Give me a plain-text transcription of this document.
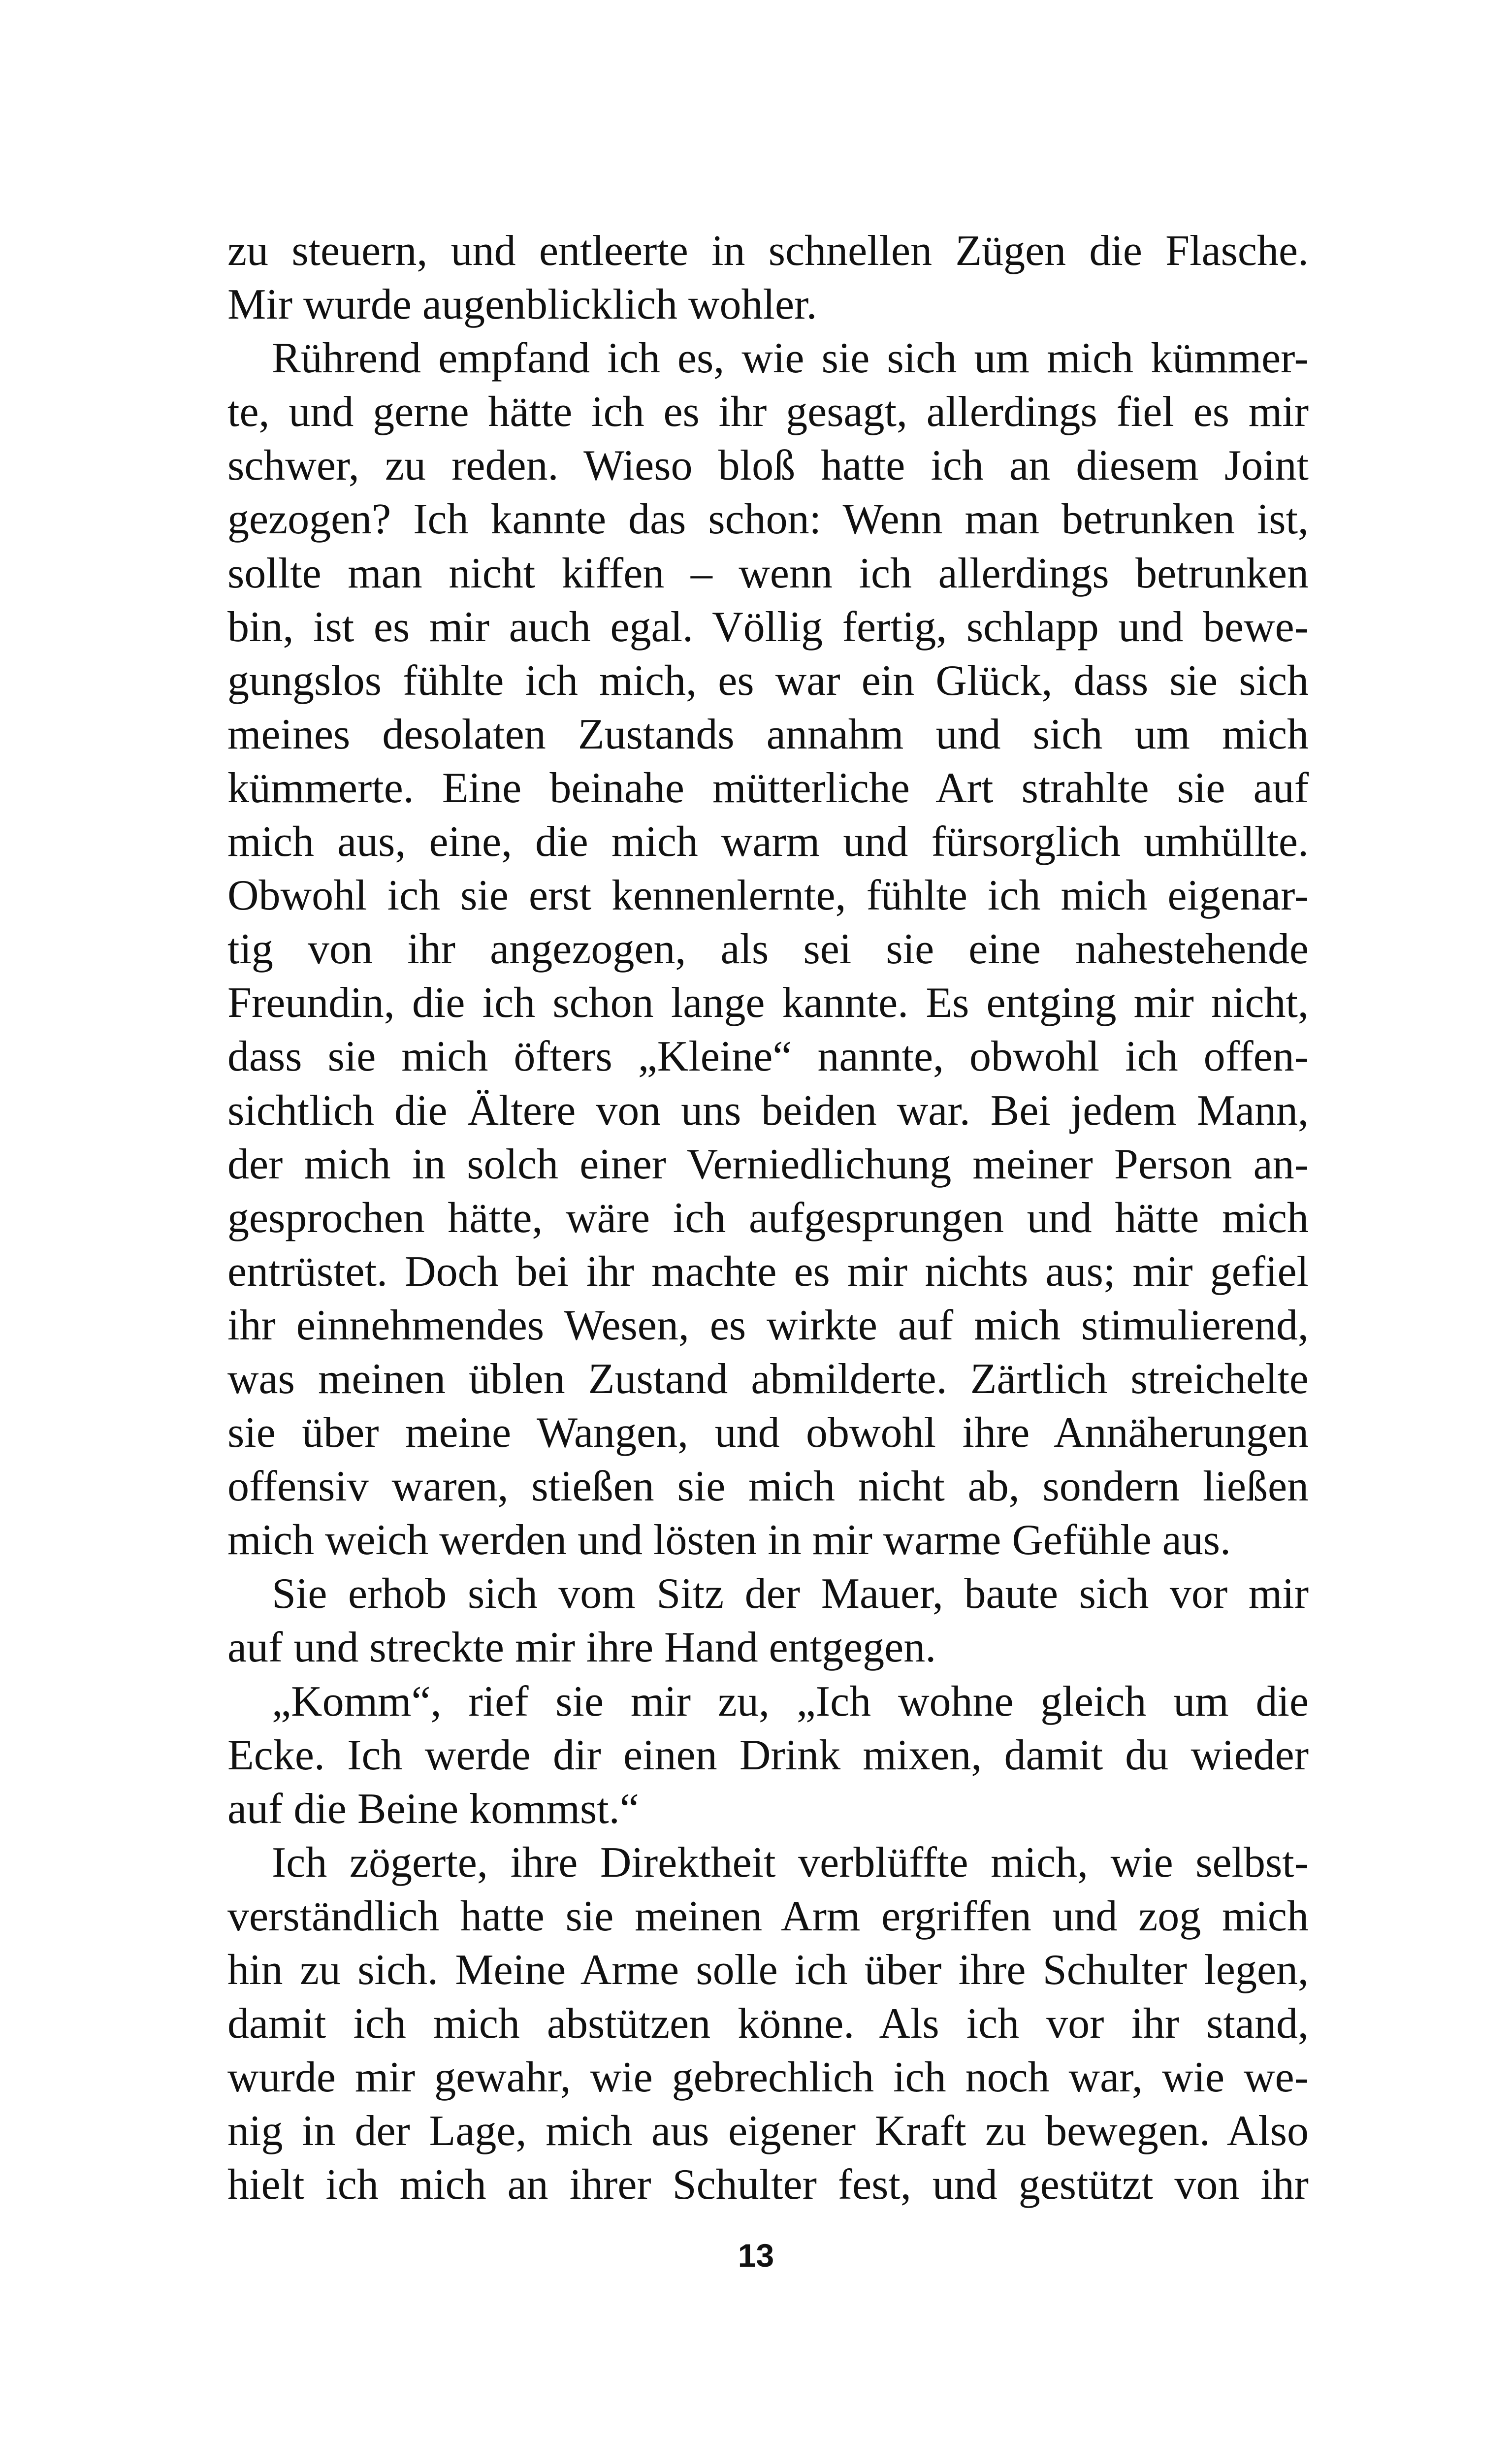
zu steuern, und entleerte in schnellen Zügen die Flasche.
Mir wurde augenblicklich wohler.
Rührend empfand ich es, wie sie sich um mich kümmer-
te, und gerne hätte ich es ihr gesagt, allerdings fiel es mir
schwer, zu reden. Wieso bloß hatte ich an diesem Joint
gezogen? Ich kannte das schon: Wenn man betrunken ist,
sollte man nicht kiffen – wenn ich allerdings betrunken
bin, ist es mir auch egal. Völlig fertig, schlapp und bewe-
gungslos fühlte ich mich, es war ein Glück, dass sie sich
meines desolaten Zustands annahm und sich um mich
kümmerte. Eine beinahe mütterliche Art strahlte sie auf
mich aus, eine, die mich warm und fürsorglich umhüllte.
Obwohl ich sie erst kennenlernte, fühlte ich mich eigenar-
tig von ihr angezogen, als sei sie eine nahestehende
Freundin, die ich schon lange kannte. Es entging mir nicht,
dass sie mich öfters „Kleine“ nannte, obwohl ich offen-
sichtlich die Ältere von uns beiden war. Bei jedem Mann,
der mich in solch einer Verniedlichung meiner Person an-
gesprochen hätte, wäre ich aufgesprungen und hätte mich
entrüstet. Doch bei ihr machte es mir nichts aus; mir gefiel
ihr einnehmendes Wesen, es wirkte auf mich stimulierend,
was meinen üblen Zustand abmilderte. Zärtlich streichelte
sie über meine Wangen, und obwohl ihre Annäherungen
offensiv waren, stießen sie mich nicht ab, sondern ließen
mich weich werden und lösten in mir warme Gefühle aus.
Sie erhob sich vom Sitz der Mauer, baute sich vor mir
auf und streckte mir ihre Hand entgegen.
„Komm“, rief sie mir zu, „Ich wohne gleich um die
Ecke. Ich werde dir einen Drink mixen, damit du wieder
auf die Beine kommst.“
Ich zögerte, ihre Direktheit verblüffte mich, wie selbst-
verständlich hatte sie meinen Arm ergriffen und zog mich
hin zu sich. Meine Arme solle ich über ihre Schulter legen,
damit ich mich abstützen könne. Als ich vor ihr stand,
wurde mir gewahr, wie gebrechlich ich noch war, wie we-
nig in der Lage, mich aus eigener Kraft zu bewegen. Also
hielt ich mich an ihrer Schulter fest, und gestützt von ihr
13
